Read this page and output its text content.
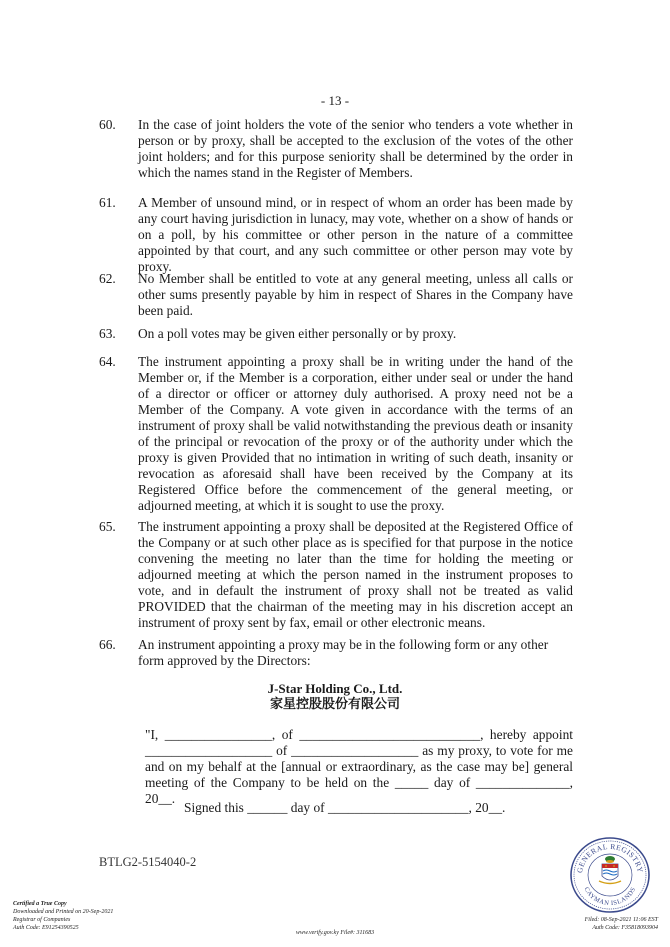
- 13 -
60.	In the case of joint holders the vote of the senior who tenders a vote whether in person or by proxy, shall be accepted to the exclusion of the votes of the other joint holders; and for this purpose seniority shall be determined by the order in which the names stand in the Register of Members.
61.	A Member of unsound mind, or in respect of whom an order has been made by any court having jurisdiction in lunacy, may vote, whether on a show of hands or on a poll, by his committee or other person in the nature of a committee appointed by that court, and any such committee or other person may vote by proxy.
62.	No Member shall be entitled to vote at any general meeting, unless all calls or other sums presently payable by him in respect of Shares in the Company have been paid.
63.	On a poll votes may be given either personally or by proxy.
64.	The instrument appointing a proxy shall be in writing under the hand of the Member or, if the Member is a corporation, either under seal or under the hand of a director or officer or attorney duly authorised. A proxy need not be a Member of the Company. A vote given in accordance with the terms of an instrument of proxy shall be valid notwithstanding the previous death or insanity of the principal or revocation of the proxy or of the authority under which the proxy is given Provided that no intimation in writing of such death, insanity or revocation as aforesaid shall have been received by the Company at its Registered Office before the commencement of the general meeting, or adjourned meeting, at which it is sought to use the proxy.
65.	The instrument appointing a proxy shall be deposited at the Registered Office of the Company or at such other place as is specified for that purpose in the notice convening the meeting no later than the time for holding the meeting or adjourned meeting at which the person named in the instrument proposes to vote, and in default the instrument of proxy shall not be treated as valid PROVIDED that the chairman of the meeting may in his discretion accept an instrument of proxy sent by fax, email or other electronic means.
66.	An instrument appointing a proxy may be in the following form or any other form approved by the Directors:
J-Star Holding Co., Ltd.
家星控股股份有限公司
"I, ________________, of ___________________________, hereby appoint ___________________ of ___________________ as my proxy, to vote for me and on my behalf at the [annual or extraordinary, as the case may be] general meeting of the Company to be held on the _____ day of ______________, 20__.
Signed this ______ day of _____________________, 20__.
BTLG2-5154040-2
Certified a True Copy
Downloaded and Printed on 20-Sep-2021
Registrar of Companies
Auth Code: E91254390525
www.verify.gov.ky File#: 311683
Filed: 08-Sep-2021 11:06 EST
Auth Code: F35818093904
GENERAL REGISTRY
CAYMAN ISLANDS
